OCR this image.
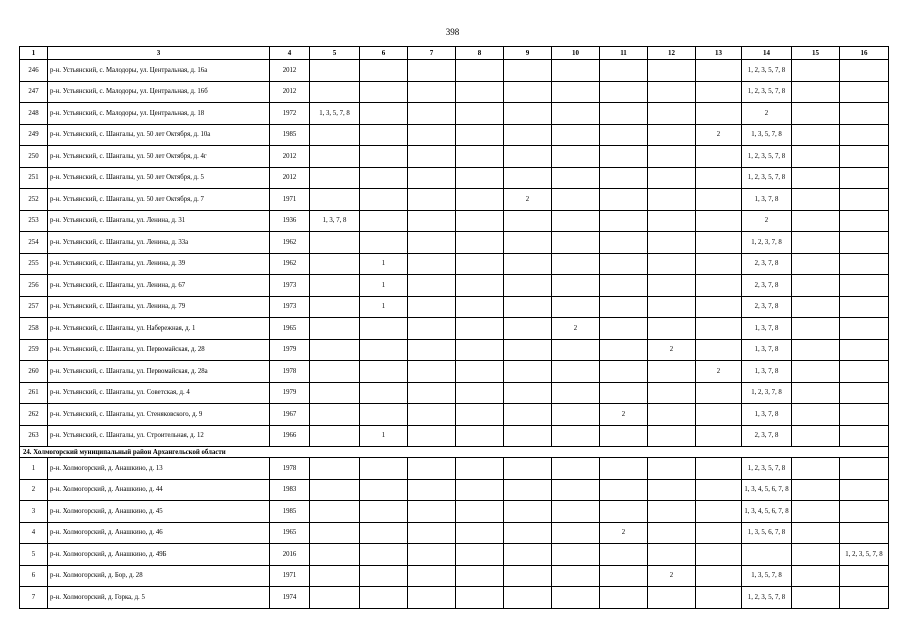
398
1	3	4	5	6	7	8	9	10	11	12	13	14	15	16
246	р-н. Устьянский, с. Малодоры, ул. Центральная, д. 16а	2012										1, 2, 3, 5, 7, 8		
247	р-н. Устьянский, с. Малодоры, ул. Центральная, д. 16б	2012										1, 2, 3, 5, 7, 8		
248	р-н. Устьянский, с. Малодоры, ул. Центральная, д. 18	1972	1, 3, 5, 7, 8									2		
249	р-н. Устьянский, с. Шангалы, ул. 50 лет Октября, д. 10а	1985									2	1, 3, 5, 7, 8		
250	р-н. Устьянский, с. Шангалы, ул. 50 лет Октября, д. 4г	2012										1, 2, 3, 5, 7, 8		
251	р-н. Устьянский, с. Шангалы, ул. 50 лет Октября, д. 5	2012										1, 2, 3, 5, 7, 8		
252	р-н. Устьянский, с. Шангалы, ул. 50 лет Октября, д. 7	1971					2					1, 3, 7, 8		
253	р-н. Устьянский, с. Шангалы, ул. Ленина, д. 31	1936	1, 3, 7, 8									2		
254	р-н. Устьянский, с. Шангалы, ул. Ленина, д. 33а	1962										1, 2, 3, 7, 8		
255	р-н. Устьянский, с. Шангалы, ул. Ленина, д. 39	1962		1								2, 3, 7, 8		
256	р-н. Устьянский, с. Шангалы, ул. Ленина, д. 67	1973		1								2, 3, 7, 8		
257	р-н. Устьянский, с. Шангалы, ул. Ленина, д. 79	1973		1								2, 3, 7, 8		
258	р-н. Устьянский, с. Шангалы, ул. Набережная, д. 1	1965						2				1, 3, 7, 8		
259	р-н. Устьянский, с. Шангалы, ул. Первомайская, д. 28	1979								2		1, 3, 7, 8		
260	р-н. Устьянский, с. Шангалы, ул. Первомайская, д. 28а	1978									2	1, 3, 7, 8		
261	р-н. Устьянский, с. Шангалы, ул. Советская, д. 4	1979										1, 2, 3, 7, 8		
262	р-н. Устьянский, с. Шангалы, ул. Стеняковского, д. 9	1967							2			1, 3, 7, 8		
263	р-н. Устьянский, с. Шангалы, ул. Строительная, д. 12	1966		1								2, 3, 7, 8		
24. Холмогорский муниципальный район Архангельской области														
1	р-н. Холмогорский, д. Анашкино, д. 13	1978										1, 2, 3, 5, 7, 8		
2	р-н. Холмогорский, д. Анашкино, д. 44	1983										1, 3, 4, 5, 6, 7, 8		
3	р-н. Холмогорский, д. Анашкино, д. 45	1985										1, 3, 4, 5, 6, 7, 8		
4	р-н. Холмогорский, д. Анашкино, д. 46	1965							2			1, 3, 5, 6, 7, 8		
5	р-н. Холмогорский, д. Анашкино, д. 49Б	2016												1, 2, 3, 5, 7, 8
6	р-н. Холмогорский, д. Бор, д. 28	1971								2		1, 3, 5, 7, 8		
7	р-н. Холмогорский, д. Горка, д. 5	1974										1, 2, 3, 5, 7, 8		
